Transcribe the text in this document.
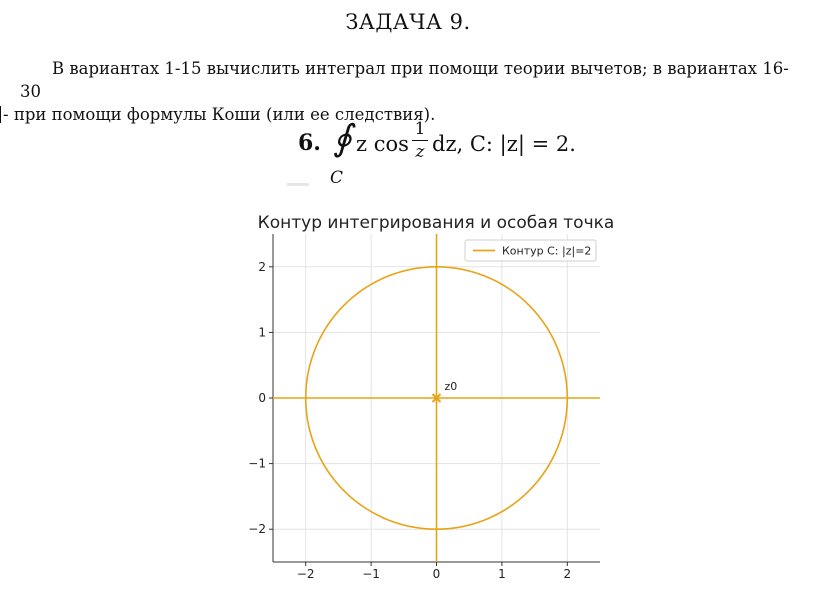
ЗАДАЧА 9.
В вариантах 1-15 вычислить интеграл при помощи теории вычетов; в вариантах 16-30
- при помощи формулы Коши (или ее следствия).
6. ∮
C
z cos
1
z dz, C: |z| = 2.
Контур интегрирования и особая точка
−2	−1	0	1	2
−2
−1
0
1
2
z0
Контур C: |z|=2
